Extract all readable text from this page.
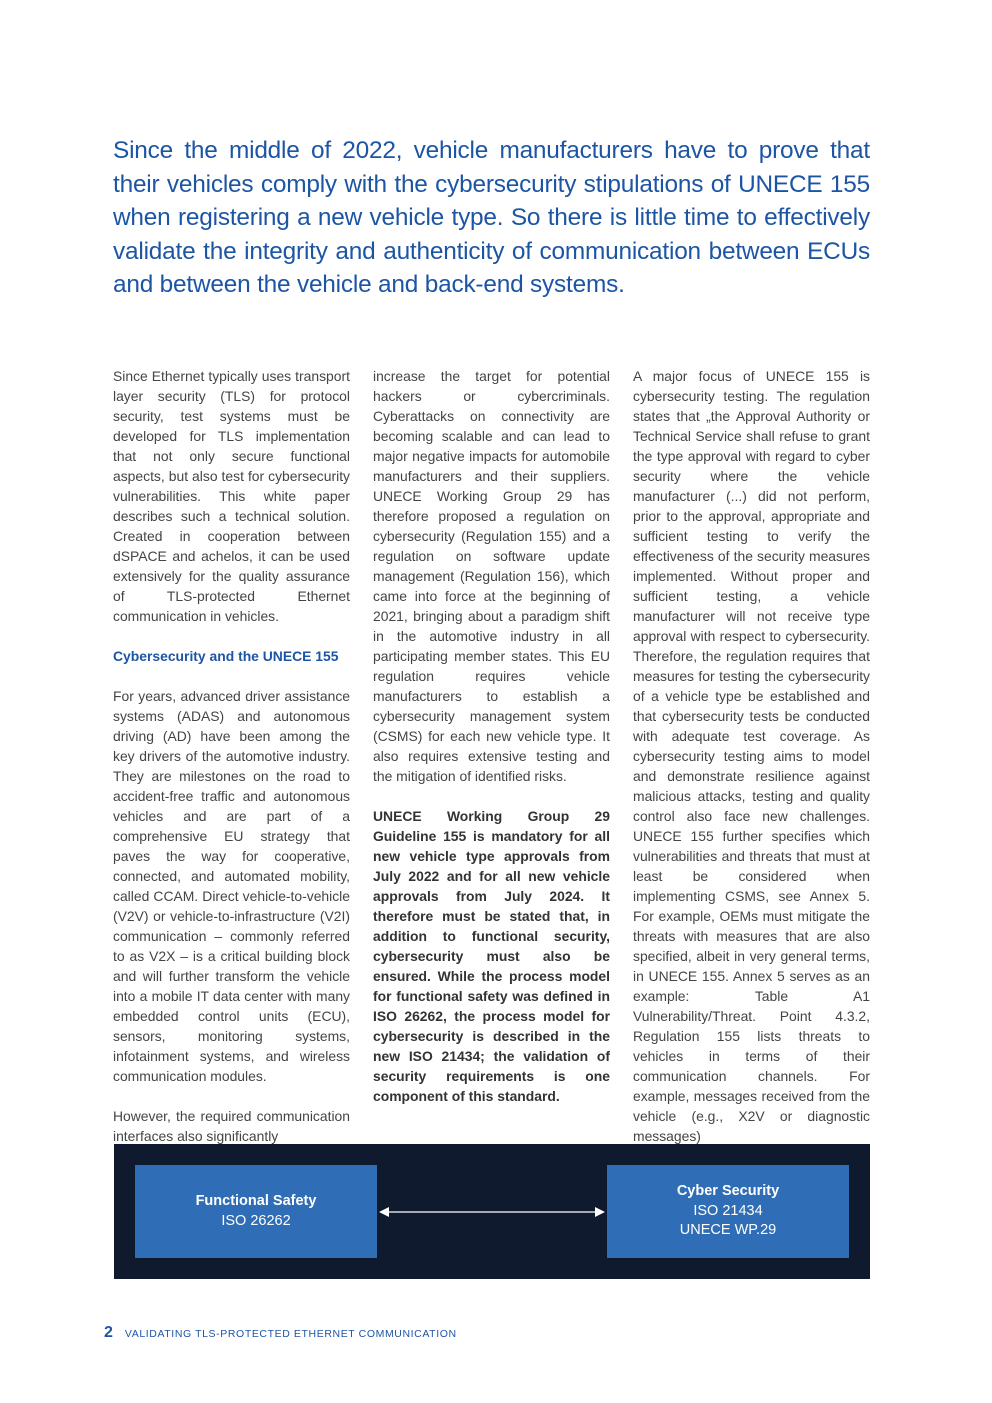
Since the middle of 2022, vehicle manufacturers have to prove that their vehicles comply with the cybersecurity stipulations of UNECE 155 when registering a new vehicle type. So there is little time to effectively validate the integrity and authenticity of communication between ECUs and between the vehicle and back-end systems.

Since Ethernet typically uses transport layer security (TLS) for protocol security, test systems must be developed for TLS implementation that not only secure functional aspects, but also test for cybersecurity vulnerabilities. This white paper describes such a technical solution. Created in cooperation between dSPACE and achelos, it can be used extensively for the quality assurance of TLS-protected Ethernet communication in vehicles.

Cybersecurity and the UNECE 155

For years, advanced driver assistance systems (ADAS) and autonomous driving (AD) have been among the key drivers of the automotive industry. They are milestones on the road to accident-free traffic and autonomous vehicles and are part of a comprehensive EU strategy that paves the way for cooperative, connected, and automated mobility, called CCAM. Direct vehicle-to-vehicle (V2V) or vehicle-to-infrastructure (V2I) communication – commonly referred to as V2X – is a critical building block and will further transform the vehicle into a mobile IT data center with many embedded control units (ECU), sensors, monitoring systems, infotainment systems, and wireless communication modules.

However, the required communication interfaces also significantly

increase the target for potential hackers or cybercriminals. Cyberattacks on connectivity are becoming scalable and can lead to major negative impacts for automobile manufacturers and their suppliers. UNECE Working Group 29 has therefore proposed a regulation on cybersecurity (Regulation 155) and a regulation on software update management (Regulation 156), which came into force at the beginning of 2021, bringing about a paradigm shift in the automotive industry in all participating member states. This EU regulation requires vehicle manufacturers to establish a cybersecurity management system (CSMS) for each new vehicle type. It also requires extensive testing and the mitigation of identified risks.

UNECE Working Group 29 Guideline 155 is mandatory for all new vehicle type approvals from July 2022 and for all new vehicle approvals from July 2024. It therefore must be stated that, in addition to functional security, cybersecurity must also be ensured. While the process model for functional safety was defined in ISO 26262, the process model for cybersecurity is described in the new ISO 21434; the validation of security requirements is one component of this standard.

A major focus of UNECE 155 is cybersecurity testing. The regulation states that „the Approval Authority or Technical Service shall refuse to grant the type approval with regard to cyber security where the vehicle manufacturer (...) did not perform, prior to the approval, appropriate and sufficient testing to verify the effectiveness of the security measures implemented. Without proper and sufficient testing, a vehicle manufacturer will not receive type approval with respect to cybersecurity. Therefore, the regulation requires that measures for testing the cybersecurity of a vehicle type be established and that cybersecurity tests be conducted with adequate test coverage. As cybersecurity testing aims to model and demonstrate resilience against malicious attacks, testing and quality control also face new challenges. UNECE 155 further specifies which vulnerabilities and threats that must at least be considered when implementing CSMS, see Annex 5. For example, OEMs must mitigate the threats with measures that are also specified, albeit in very general terms, in UNECE 155. Annex 5 serves as an example: Table A1 Vulnerability/Threat. Point 4.3.2, Regulation 155 lists threats to vehicles in terms of their communication channels. For example, messages received from the vehicle (e.g., X2V or diagnostic messages)

Functional Safety
ISO 26262
Cyber Security
ISO 21434
UNECE WP.29
2 VALIDATING TLS-PROTECTED ETHERNET COMMUNICATION
